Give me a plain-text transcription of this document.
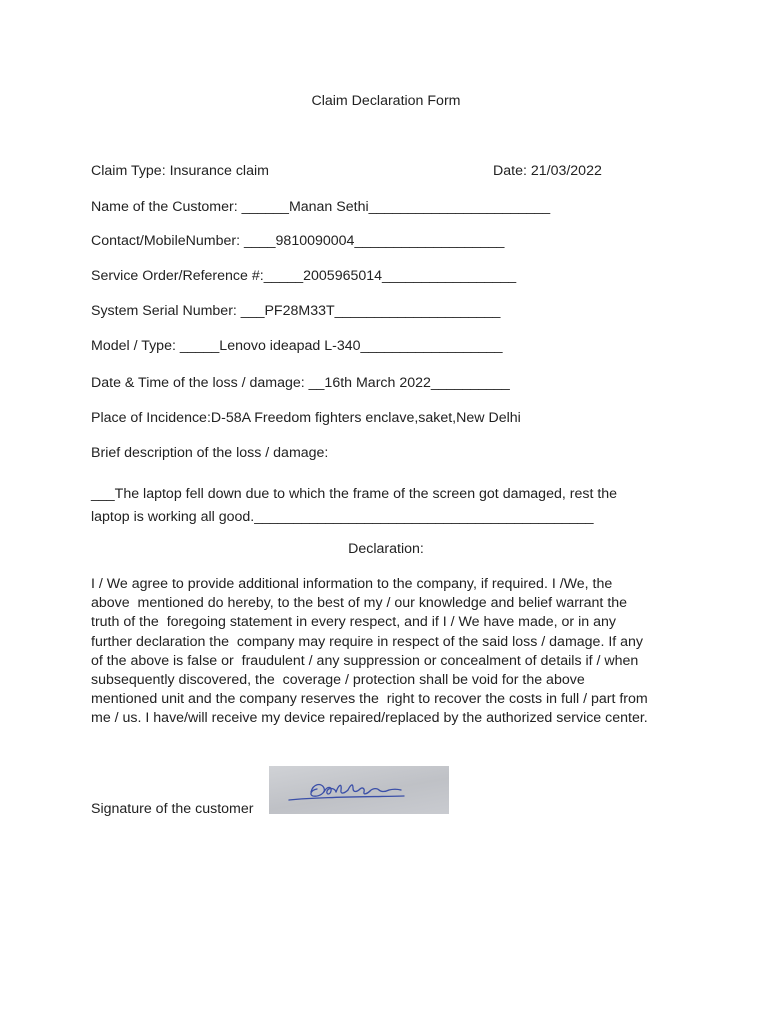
Claim Declaration Form
Claim Type: Insurance claim	Date: 21/03/2022
Name of the Customer: ______Manan Sethi_______________________
Contact/MobileNumber: ____9810090004___________________
Service Order/Reference #:_____2005965014_________________
System Serial Number: ___PF28M33T_____________________
Model / Type: _____Lenovo ideapad L-340__________________
Date & Time of the loss / damage: __16th March 2022__________
Place of Incidence:D-58A Freedom fighters enclave,saket,New Delhi
Brief description of the loss / damage:
___The laptop fell down due to which the frame of the screen got damaged, rest the
laptop is working all good.___________________________________________
Declaration:
I / We agree to provide additional information to the company, if required. I /We, the
above  mentioned do hereby, to the best of my / our knowledge and belief warrant the
truth of the  foregoing statement in every respect, and if I / We have made, or in any
further declaration the  company may require in respect of the said loss / damage. If any
of the above is false or  fraudulent / any suppression or concealment of details if / when
subsequently discovered, the  coverage / protection shall be void for the above
mentioned unit and the company reserves the  right to recover the costs in full / part from
me / us. I have/will receive my device repaired/replaced by the authorized service center.
Signature of the customer
